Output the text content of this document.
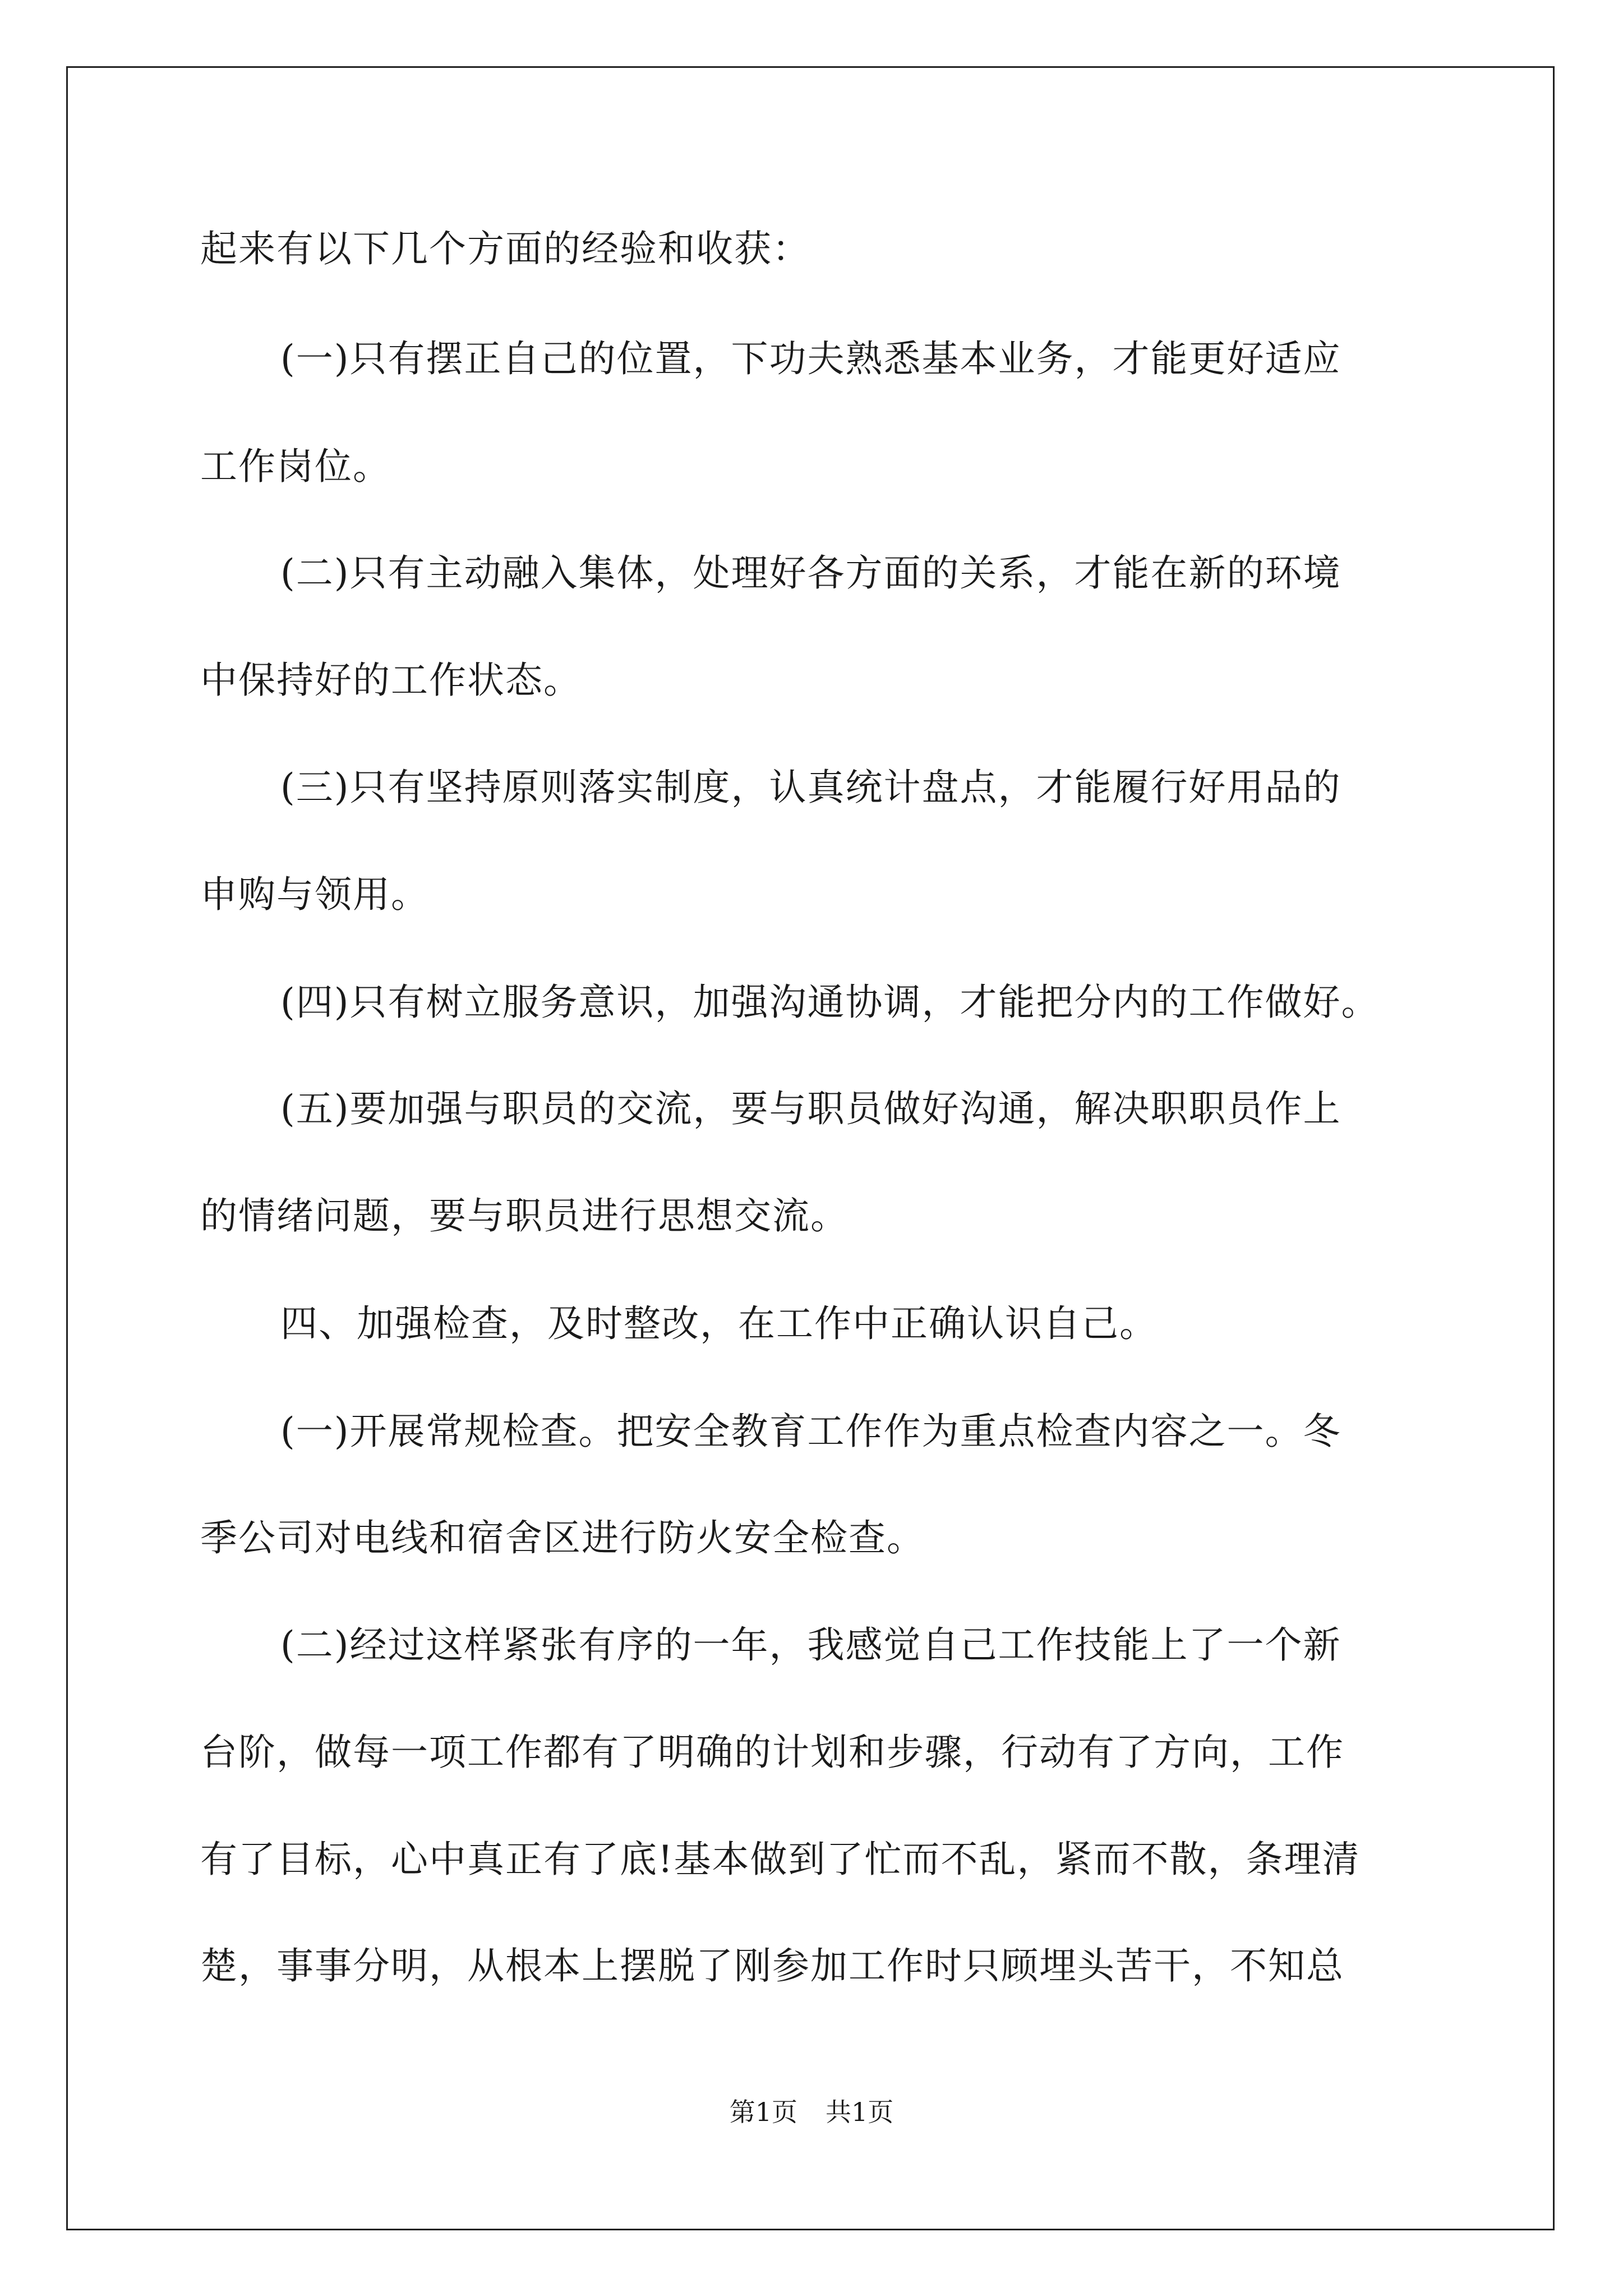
起来有以下几个方面的经验和收获：
(一)只有摆正自己的位置，下功夫熟悉基本业务，才能更好适应
工作岗位。
(二)只有主动融入集体，处理好各方面的关系，才能在新的环境
中保持好的工作状态。
(三)只有坚持原则落实制度，认真统计盘点，才能履行好用品的
申购与领用。
(四)只有树立服务意识，加强沟通协调，才能把分内的工作做好。
(五)要加强与职员的交流，要与职员做好沟通，解决职职员作上
的情绪问题，要与职员进行思想交流。
四、加强检查，及时整改，在工作中正确认识自己。
(一)开展常规检查。把安全教育工作作为重点检查内容之一。冬
季公司对电线和宿舍区进行防火安全检查。
(二)经过这样紧张有序的一年，我感觉自己工作技能上了一个新
台阶，做每一项工作都有了明确的计划和步骤，行动有了方向，工作
有了目标，心中真正有了底!基本做到了忙而不乱，紧而不散，条理清
楚，事事分明，从根本上摆脱了刚参加工作时只顾埋头苦干，不知总
第1页 共1页
